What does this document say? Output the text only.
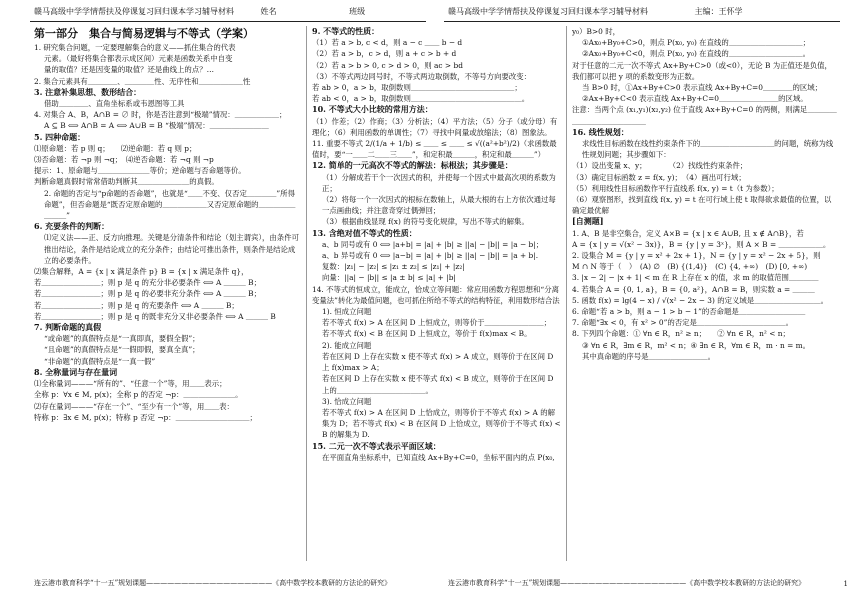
赣马高级中学学情帮扶及停课复习回归课本学习辅导材料	姓名	班级	赣马高级中学学情帮扶及停课复习回归课本学习辅导材料	主编：王怀学

第一部分　集合与简易逻辑与不等式（学案）

1. 研究集合问题，一定要理解集合的意义——抓住集合的代表

元素。（最好将集合都表示成区间）元素是函数关系中自变

量的取值？还是因变量的取值？还是曲线上的点？…

2. 集合元素具有＿＿＿＿、＿＿＿＿性、无序性和＿＿＿＿＿＿性

3. 注意补集思想、数形结合：

借助＿＿＿＿、直角坐标系或韦恩图等工具

4. 对集合 A、B，A∩B = ∅ 时，你是否注意到“极端”情况：＿＿＿＿＿＿；

A ⊆ B ⟺ A∩B = A ⟺ A∪B = B “极端”情况：＿＿＿＿＿＿＿＿

5. 四种命题：

⑴原命题：若 p 则 q；　　⑵逆命题：若 q 则 p；

⑶否命题：若 ¬p 则 ¬q；　⑷逆否命题：若 ¬q 则 ¬p

提示：1、原命题与＿＿＿＿＿＿＿等价；逆命题与否命题等价。

判断命题真假时常常借助判断其＿＿＿＿＿＿＿的真假。

2. 命题的否定与“p命题的否命题”，也就是“＿＿不变、仅否定＿＿＿＿”所得命题”，但否命题是“既否定原命题的＿＿＿＿＿＿又否定原命题的＿＿＿＿＿＿＿＿”

6. 充要条件的判断：

⑴定义法——正、反方向推理。关键是分清条件和结论（划主谓宾），由条件可推出结论，条件是结论成立的充分条件；由结论可推出条件，则条件是结论成立的必要条件。

⑵集合解释，A = {x | x 满足条件 p} B = {x | x 满足条件 q}，

若＿＿＿＿＿＿＿＿；则 p 是 q 的充分非必要条件 ⟺ A ＿＿＿ B；

若＿＿＿＿＿＿＿＿；则 p 是 q 的必要非充分条件 ⟺ A ＿＿＿ B；

若＿＿＿＿＿＿＿＿；则 p 是 q 的充要条件 ⟺ A ＿＿＿ B；

若＿＿＿＿＿＿＿＿；则 p 是 q 的既非充分又非必要条件 ⟺ A ＿＿＿ B

7. 判断命题的真假

“或命题”的真假特点是“一真即真，要假全假”；

“且命题”的真假特点是“一假即假，要真全真”；

“非命题”的真假特点是“一真一假”

8. 全称量词与存在量词

⑴全称量词———“所有的”、“任意一个”等，用＿＿表示；

全称 p：∀x ∈ M, p(x)；全称 p 的否定 ¬p：＿＿＿＿＿＿＿。

⑵存在量词———“存在一个”、“至少有一个”等，用＿＿表：

特称 p：∃x ∈ M, p(x)；特称 p 否定 ¬p：＿＿＿＿＿＿＿＿＿＿；

9. 不等式的性质：

（1）若 a > b, c < d，则 a − c ＿＿ b − d

（2）若 a > b，c > d，则 a + c > b + d

（2）若 a > b > 0, c > d > 0，则 ac > bd

（3）不等式两边同号时，不等式两边取倒数，不等号方向要改变：

若 ab > 0，a > b，取倒数则＿＿＿＿＿＿＿＿＿＿＿＿＿＿；

若 ab < 0，a > b，取倒数则＿＿＿＿＿＿＿＿＿＿＿＿＿＿＿。

10. 不等式大小比较的常用方法：

（1）作差；（2）作商；（3）分析法；（4）平方法；（5）分子（或分母）有理化；（6）利用函数的单调性；（7）寻找中间量或放缩法；（8）图象法。

11. 重要不等式 2/(1/a + 1/b) ≤ ＿＿ ≤ ＿＿ ≤ √((a²+b²)/2)（求函数最值时，要“一＿＿二＿＿三＿＿”，和定积最＿＿＿，积定和最＿＿＿”）

12. 简单的一元高次不等式的解法：标根法；其步骤是：

（1）分解成若干个一次因式的积，并使每一个因式中最高次项的系数为正；

（2）将每一个一次因式的根标在数轴上，从最大根的右上方依次通过每一点画曲线；并注意奇穿过偶弹回；

（3）根据曲线显现 f(x) 的符号变化规律，写出不等式的解集。

13. 含绝对值不等式的性质：

a、b 同号或有 0 ⟺ |a+b| = |a| + |b| ≥ ||a| − |b|| = |a − b|；

a、b 异号或有 0 ⟺ |a−b| = |a| + |b| ≥ ||a| − |b|| = |a + b|.

复数：|z₁| − |z₂| ≤ |z₁ ± z₂| ≤ |z₁| + |z₂|

向量：||a| − |b|| ≤ |a ± b| ≤ |a| + |b|

14. 不等式的恒成立，能成立，恰成立等问题：常应用函数方程思想和“分离变量法”转化为最值问题，也可抓住所给不等式的结构特征，利用数形结合法

1). 恒成立问题

若不等式 f(x) > A 在区间 D 上恒成立，则等价于＿＿＿＿＿＿＿＿；

若不等式 f(x) < B 在区间 D 上恒成立，等价于 f(x)max < B。

2). 能成立问题

若在区间 D 上存在实数 x 使不等式 f(x) > A 成立，则等价于在区间 D 上 f(x)max > A；

若在区间 D 上存在实数 x 使不等式 f(x) < B 成立，则等价于在区间 D 上的＿＿＿＿＿＿＿＿＿＿＿＿。

3). 恰成立问题

若不等式 f(x) > A 在区间 D 上恰成立，则等价于不等式 f(x) > A 的解集为 D；若不等式 f(x) < B 在区间 D 上恰成立，则等价于不等式 f(x) < B 的解集为 D.

15. 二元一次不等式表示平面区域：

在平面直角坐标系中，已知直线 Ax+By+C=0，坐标平面内的点 P(x₀,

y₀）B>0 时，

①Ax₀+By₀+C>0，则点 P(x₀, y₀) 在直线的＿＿＿＿＿＿＿＿＿＿；

②Ax₀+By₀+C<0，则点 P(x₀, y₀) 在直线的＿＿＿＿＿＿＿＿＿＿。

对于任意的二元一次不等式 Ax+By+C>0（或<0），无论 B 为正值还是负值，我们都可以把 y 项的系数变形为正数。

当 B>0 时，①Ax+By+C>0 表示直线 Ax+By+C=0＿＿＿＿的区域；

②Ax+By+C<0 表示直线 Ax+By+C=0＿＿＿＿＿＿＿＿的区域。

注意：当两个点 (x₁,y₁)(x₂,y₂) 位于直线 Ax+By+C=0 的两侧，则满足＿＿＿＿＿＿＿＿＿＿＿＿＿＿

16. 线性规划：

求线性目标函数在线性约束条件下的＿＿＿＿＿＿＿＿＿＿的问题，统称为线性规划问题；其步骤如下：

（1）设出变量 x、y；　　　　（2）找线性约束条件；

（3）确定目标函数 z = f(x, y)；　（4）画出可行域；

（5）利用线性目标函数作平行直线系 f(x, y) = t（t 为参数）；

（6）观察图形，找到直线 f(x, y) = t 在可行域上使 t 取得欲求最值的位置，以确定最优解

[自测题]

1. A、B 是非空集合，定义 A×B = {x | x ∈ A∪B, 且 x ∉ A∩B}，若

A = {x | y = √(x² − 3x)}，B = {y | y = 3ˣ}，则 A × B = ＿＿＿＿＿＿。

2. 设集合 M = {y | y = x² + 2x + 1}，N = {y | y = x² − 2x + 5}，则

M ∩ N 等于（　）　(A) ∅　(B) {(1,4)}　(C) {4, +∞)　(D) [0, +∞)

3. |x − 2| − |x + 1| < m 在 R 上存在 x 的值，求 m 的取值范围＿＿＿＿

4. 若集合 A = {0, 1, a}，B = {0, a²}，A∩B = B，则实数 a = ＿＿＿

5. 函数 f(x) = lg(4 − x) / √(x² − 2x − 3) 的定义域是＿＿＿＿＿＿＿＿＿。

6. 命题“若 a > b，则 a − 1 > b − 1”的否命题是＿＿＿＿＿＿＿＿＿

7. 命题“∃x < 0，有 x² > 0”的否定是＿＿＿＿＿＿＿＿＿＿＿＿。

8. 下列四个命题：① ∀n ∈ R，n² ≥ n；　　② ∀n ∈ R，n² < n；

③ ∀n ∈ R，∃m ∈ R，m² < n；④ ∃n ∈ R，∀m ∈ R，m · n = m。

其中真命题的序号是＿＿＿＿＿＿＿＿。

连云港市教育科学“十一五”规划课题——————————————————《高中数学校本教研的方法论的研究》	连云港市教育科学“十一五”规划课题——————————————————《高中数学校本教研的方法论的研究》	1
